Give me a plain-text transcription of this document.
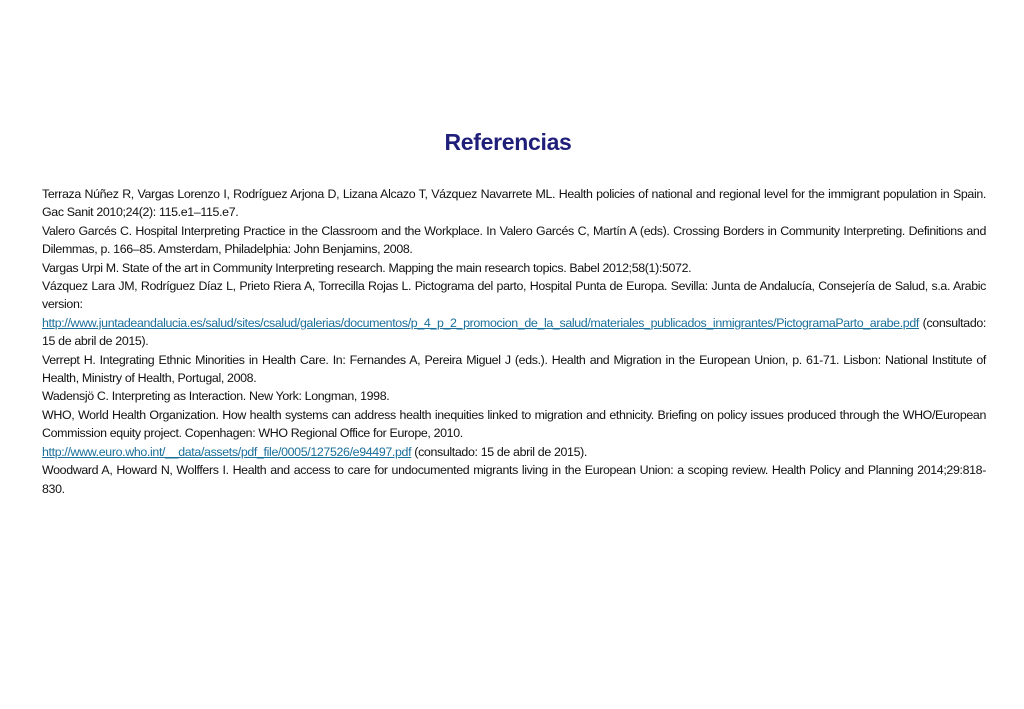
Referencias

Terraza Núñez R, Vargas Lorenzo I, Rodríguez Arjona D, Lizana Alcazo T, Vázquez Navarrete ML. Health policies of national and regional level for the immigrant population in Spain. Gac Sanit 2010;24(2): 115.e1–115.e7.

Valero Garcés C. Hospital Interpreting Practice in the Classroom and the Workplace. In Valero Garcés C, Martín A (eds). Crossing Borders in Community Interpreting. Definitions and Dilemmas, p. 166–85. Amsterdam, Philadelphia: John Benjamins, 2008.

Vargas Urpi M. State of the art in Community Interpreting research. Mapping the main research topics. Babel 2012;58(1):5072.

Vázquez Lara JM, Rodríguez Díaz L, Prieto Riera A, Torrecilla Rojas L. Pictograma del parto, Hospital Punta de Europa. Sevilla: Junta de Andalucía, Consejería de Salud, s.a. Arabic version:

http://www.juntadeandalucia.es/salud/sites/csalud/galerias/documentos/p_4_p_2_promocion_de_la_salud/materiales_publicados_inmigrantes/PictogramaParto_arabe.pdf (consultado: 15 de abril de 2015).

Verrept H. Integrating Ethnic Minorities in Health Care. In: Fernandes A, Pereira Miguel J (eds.). Health and Migration in the European Union, p. 61-71. Lisbon: National Institute of Health, Ministry of Health, Portugal, 2008.

Wadensjö C. Interpreting as Interaction. New York: Longman, 1998.

WHO, World Health Organization. How health systems can address health inequities linked to migration and ethnicity. Briefing on policy issues produced through the WHO/European Commission equity project. Copenhagen: WHO Regional Office for Europe, 2010.

http://www.euro.who.int/__data/assets/pdf_file/0005/127526/e94497.pdf (consultado: 15 de abril de 2015).

Woodward A, Howard N, Wolffers I. Health and access to care for undocumented migrants living in the European Union: a scoping review. Health Policy and Planning 2014;29:818-830.
